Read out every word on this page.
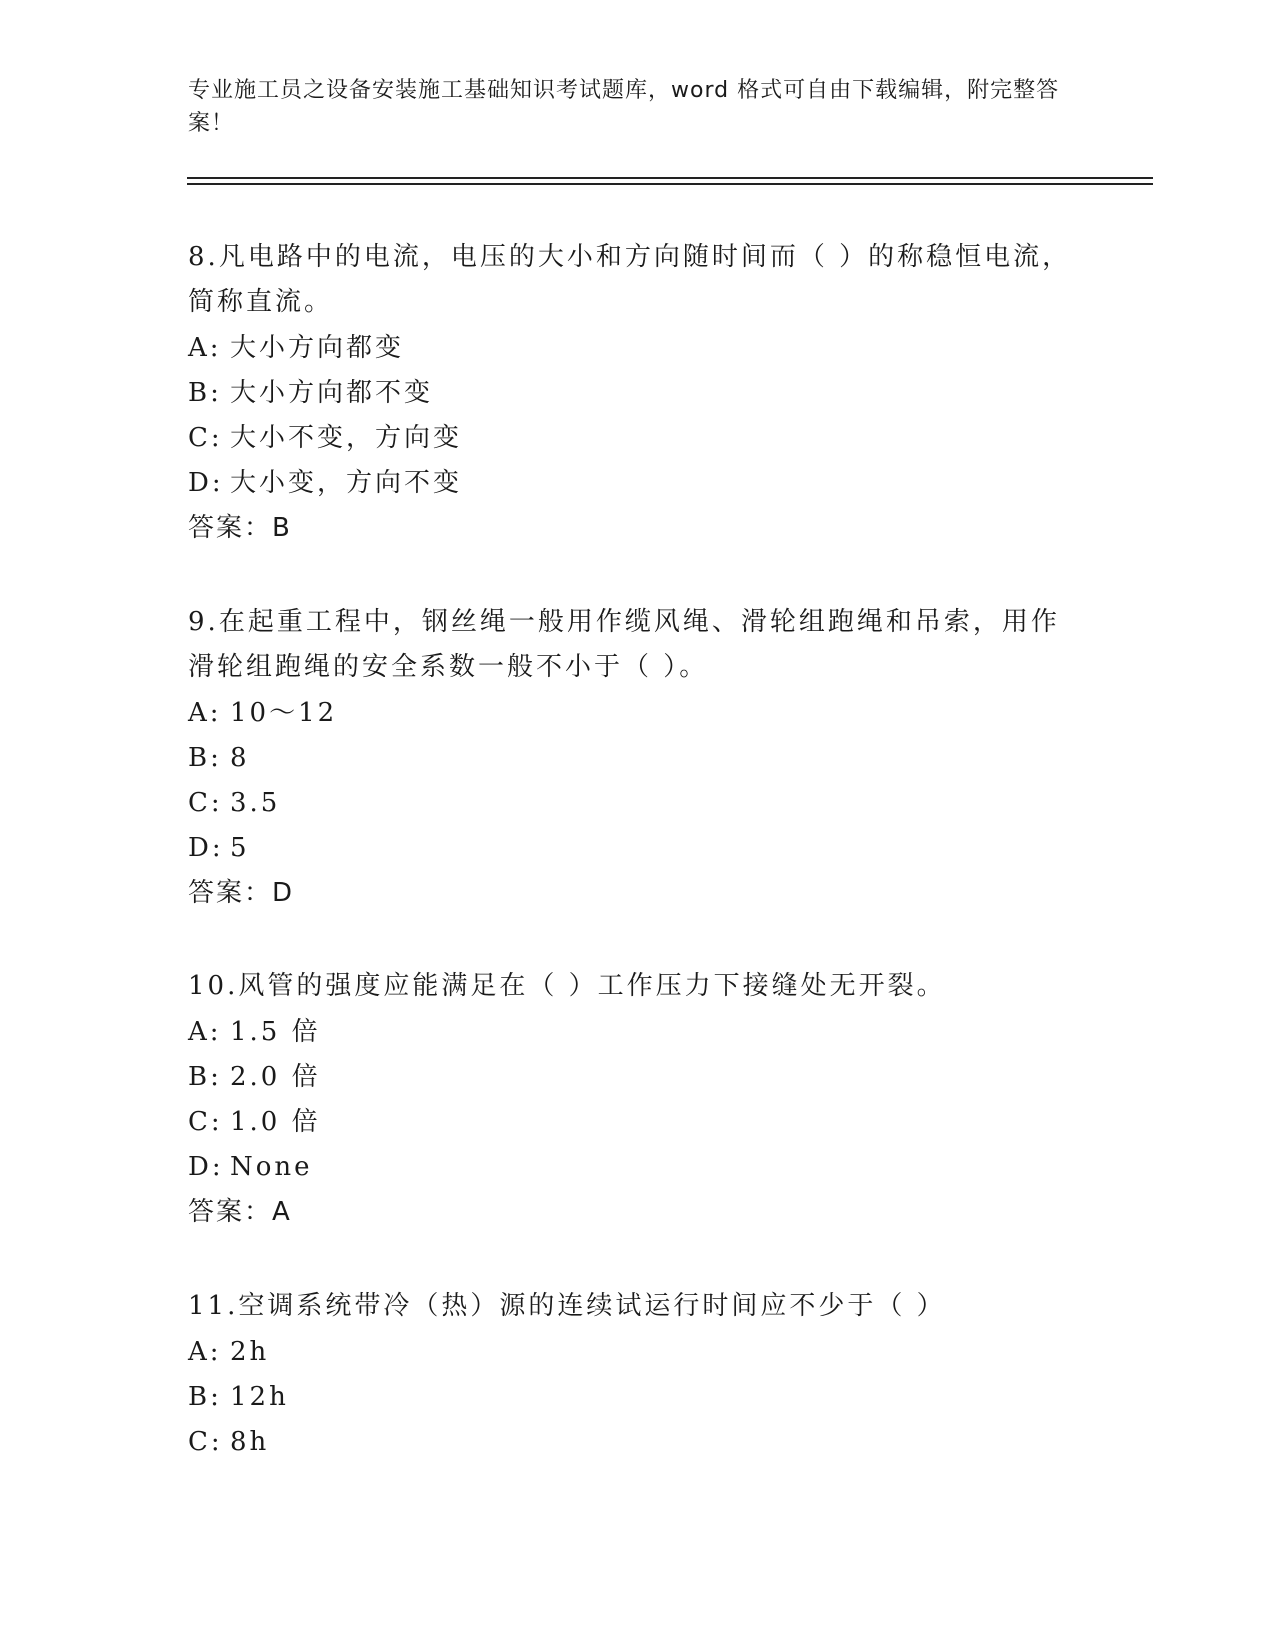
专业施工员之设备安装施工基础知识考试题库，word 格式可自由下载编辑，附完整答案！
8.凡电路中的电流，电压的大小和方向随时间而（ ）的称稳恒电流，简称直流。
A: 大小方向都变
B: 大小方向都不变
C: 大小不变，方向变
D: 大小变，方向不变
答案：B
9.在起重工程中，钢丝绳一般用作缆风绳、滑轮组跑绳和吊索，用作滑轮组跑绳的安全系数一般不小于（ ）。
A: 10～12
B: 8
C: 3.5
D: 5
答案：D
10.风管的强度应能满足在（ ）工作压力下接缝处无开裂。
A: 1.5 倍
B: 2.0 倍
C: 1.0 倍
D: None
答案：A
11.空调系统带冷（热）源的连续试运行时间应不少于（ ）
A: 2h
B: 12h
C: 8h
